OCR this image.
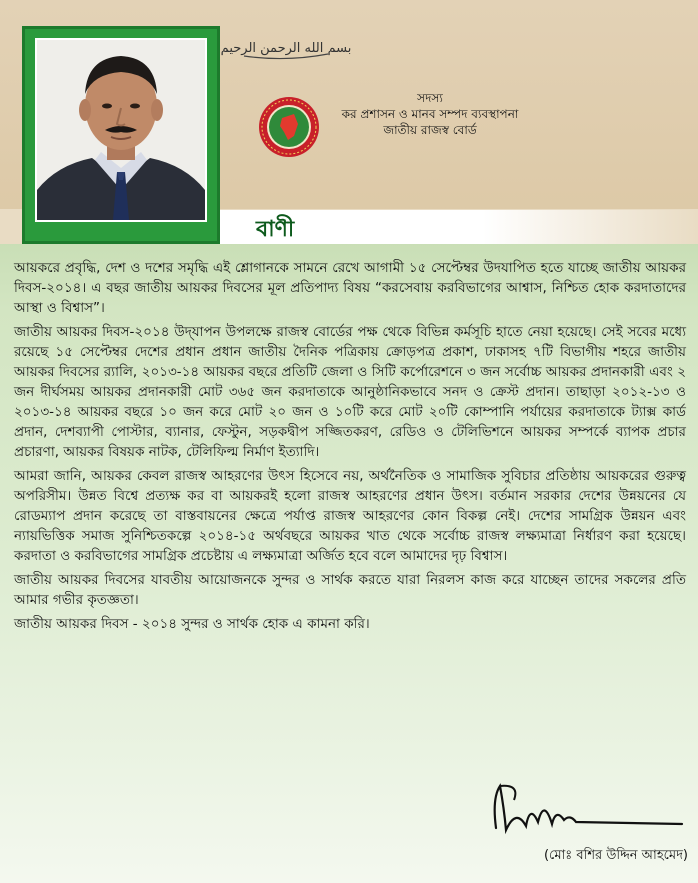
بسم الله الرحمن الرحيم
সদস্য
কর প্রশাসন ও মানব সম্পদ ব্যবস্থাপনা
জাতীয় রাজস্ব বোর্ড
বাণী

আয়করে প্রবৃদ্ধি, দেশ ও দশের সমৃদ্ধি এই শ্লোগানকে সামনে রেখে আগামী ১৫ সেপ্টেম্বর উদযাপিত হতে যাচ্ছে জাতীয় আয়কর দিবস-২০১৪। এ বছর জাতীয় আয়কর দিবসের মূল প্রতিপাদ্য বিষয় “করসেবায় করবিভাগের আশ্বাস, নিশ্চিত হোক করদাতাদের আস্থা ও বিশ্বাস”।

জাতীয় আয়কর দিবস-২০১৪ উদ্‌যাপন উপলক্ষে রাজস্ব বোর্ডের পক্ষ থেকে বিভিন্ন কর্মসূচি হাতে নেয়া হয়েছে। সেই সবের মধ্যে রয়েছে ১৫ সেপ্টেম্বর দেশের প্রধান প্রধান জাতীয় দৈনিক পত্রিকায় ক্রোড়পত্র প্রকাশ, ঢাকাসহ ৭টি বিভাগীয় শহরে জাতীয় আয়কর দিবসের র‍্যালি, ২০১৩-১৪ আয়কর বছরে প্রতিটি জেলা ও সিটি কর্পোরেশনে ৩ জন সর্বোচ্চ আয়কর প্রদানকারী এবং ২ জন দীর্ঘসময় আয়কর প্রদানকারী মোট ৩৬৫ জন করদাতাকে আনুষ্ঠানিকভাবে সনদ ও ক্রেস্ট প্রদান। তাছাড়া ২০১২-১৩ ও ২০১৩-১৪ আয়কর বছরে ১০ জন করে মোট ২০ জন ও ১০টি করে মোট ২০টি কোম্পানি পর্যায়ের করদাতাকে ট্যাক্স কার্ড প্রদান, দেশব্যাপী পোস্টার, ব্যানার, ফেস্টুন, সড়কদ্বীপ সজ্জিতকরণ, রেডিও ও টেলিভিশনে আয়কর সম্পর্কে ব্যাপক প্রচার প্রচারণা, আয়কর বিষয়ক নাটক, টেলিফিল্ম নির্মাণ ইত্যাদি।

আমরা জানি, আয়কর কেবল রাজস্ব আহরণের উৎস হিসেবে নয়, অর্থনৈতিক ও সামাজিক সুবিচার প্রতিষ্ঠায় আয়করের গুরুত্ব অপরিসীম। উন্নত বিশ্বে প্রত্যক্ষ কর বা আয়করই হলো রাজস্ব আহরণের প্রধান উৎস। বর্তমান সরকার দেশের উন্নয়নের যে রোডম্যাপ প্রদান করেছে তা বাস্তবায়নের ক্ষেত্রে পর্যাপ্ত রাজস্ব আহরণের কোন বিকল্প নেই। দেশের সামগ্রিক উন্নয়ন এবং ন্যায়ভিত্তিক সমাজ সুনিশ্চিতকল্পে ২০১৪-১৫ অর্থবছরে আয়কর খাত থেকে সর্বোচ্চ রাজস্ব লক্ষ্যমাত্রা নির্ধারণ করা হয়েছে। করদাতা ও করবিভাগের সামগ্রিক প্রচেষ্টায় এ লক্ষ্যমাত্রা অর্জিত হবে বলে আমাদের দৃঢ় বিশ্বাস।

জাতীয় আয়কর দিবসের যাবতীয় আয়োজনকে সুন্দর ও সার্থক করতে যারা নিরলস কাজ করে যাচ্ছেন তাদের সকলের প্রতি আমার গভীর কৃতজ্ঞতা।

জাতীয় আয়কর দিবস - ২০১৪ সুন্দর ও সার্থক হোক এ কামনা করি।

(মোঃ বশির উদ্দিন আহমেদ)
